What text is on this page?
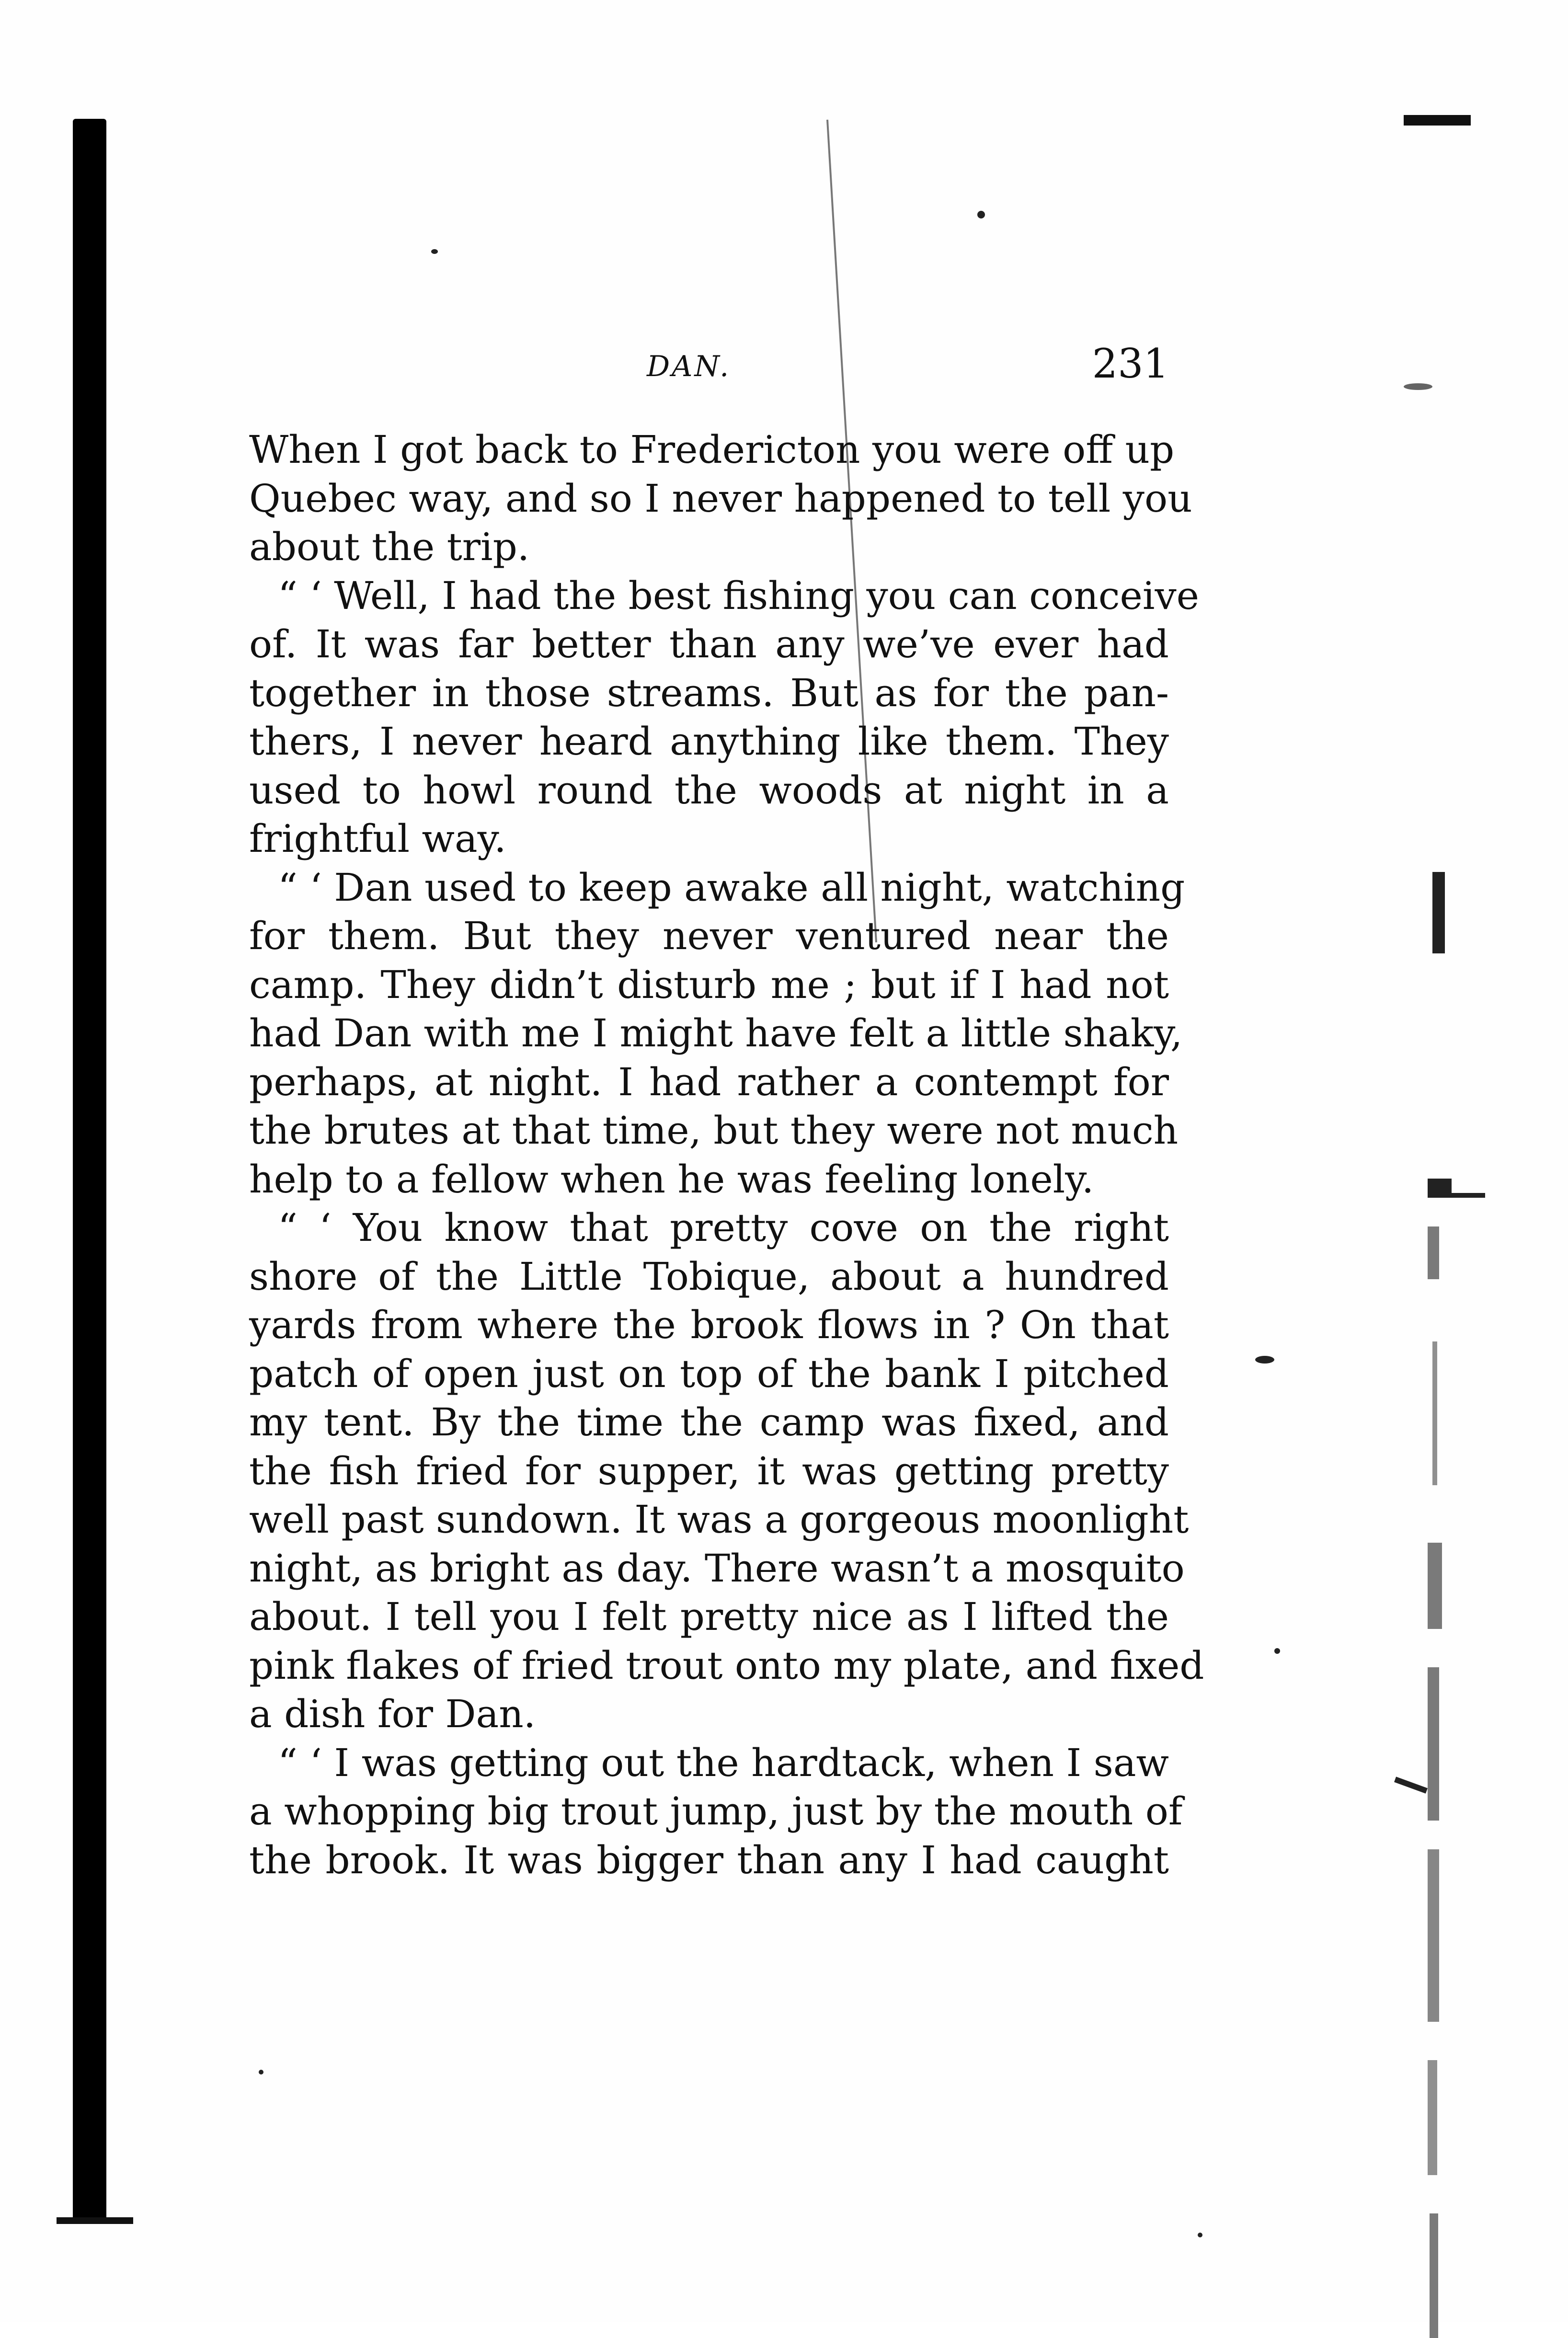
DAN.	231
When I got back to Fredericton you were off up
Quebec way, and so I never happened to tell you
about the trip.
“ ‘ Well, I had the best fishing you can conceive
of. It was far better than any we’ve ever had
together in those streams. But as for the pan-
thers, I never heard anything like them. They
used to howl round the woods at night in a
frightful way.
“ ‘ Dan used to keep awake all night, watching
for them. But they never ventured near the
camp. They didn’t disturb me ; but if I had not
had Dan with me I might have felt a little shaky,
perhaps, at night. I had rather a contempt for
the brutes at that time, but they were not much
help to a fellow when he was feeling lonely.
“ ‘ You know that pretty cove on the right
shore of the Little Tobique, about a hundred
yards from where the brook flows in ? On that
patch of open just on top of the bank I pitched
my tent. By the time the camp was fixed, and
the fish fried for supper, it was getting pretty
well past sundown. It was a gorgeous moonlight
night, as bright as day. There wasn’t a mosquito
about. I tell you I felt pretty nice as I lifted the
pink flakes of fried trout onto my plate, and fixed
a dish for Dan.
“ ‘ I was getting out the hardtack, when I saw
a whopping big trout jump, just by the mouth of
the brook. It was bigger than any I had caught
